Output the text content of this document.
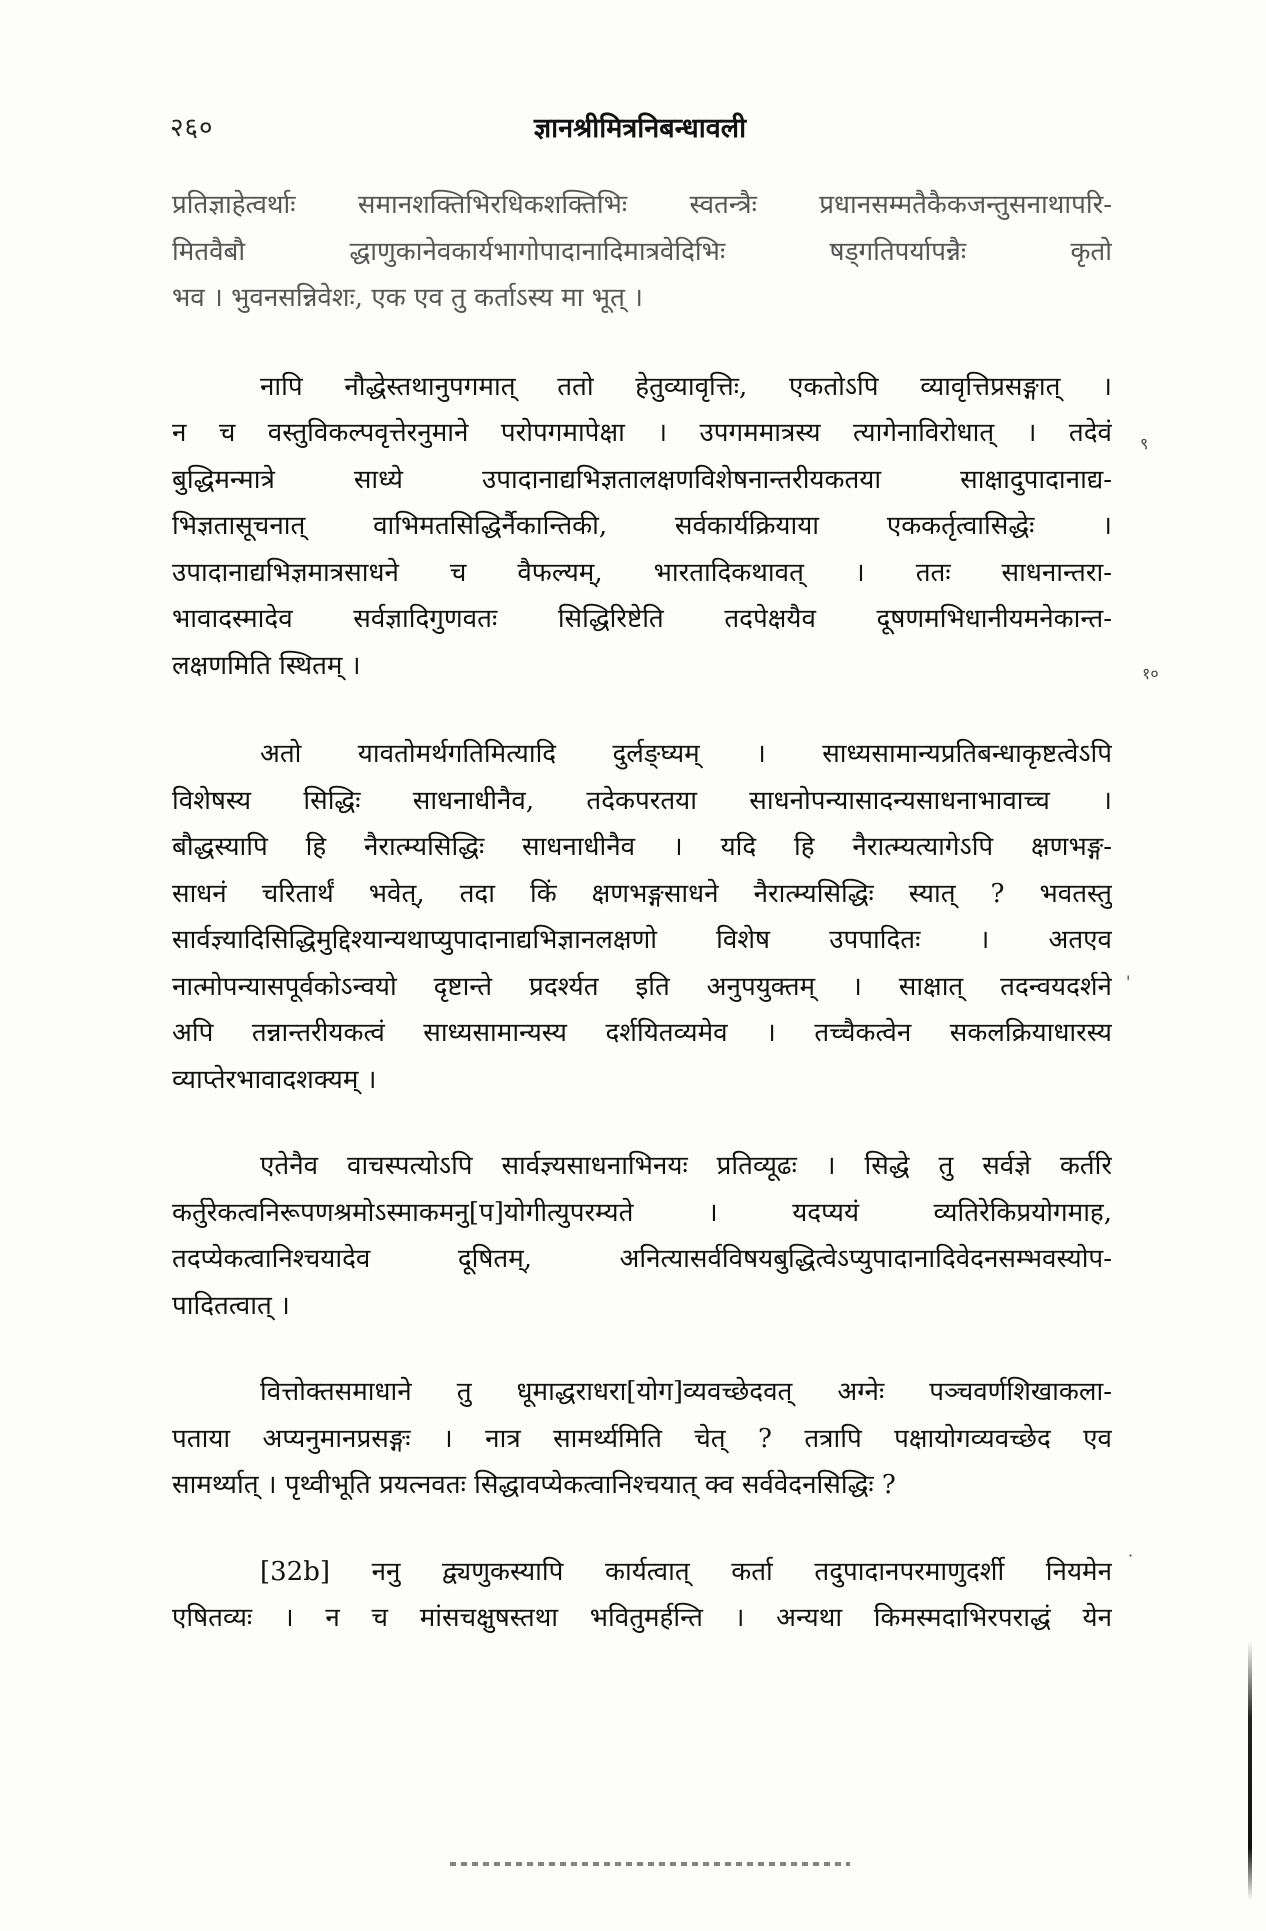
२६०	ज्ञानश्रीमित्रनिबन्धावली

प्रतिज्ञाहेत्वर्थाः समानशक्तिभिरधिकशक्तिभिः स्वतन्त्रैः प्रधानसम्मतैकैकजन्तुसनाथापरि-
मितवैबौ द्धाणुकानेवकार्यभागोपादानादिमात्रवेदिभिः षड्गतिपर्यापन्नैः कृतो
भव । भुवनसन्निवेशः, एक एव तु कर्ताऽस्य मा भूत् ।

नापि नौद्धेस्तथानुपगमात् ततो हेतुव्यावृत्तिः, एकतोऽपि व्यावृत्तिप्रसङ्गात् ।
न च वस्तुविकल्पवृत्तेरनुमाने परोपगमापेक्षा । उपगममात्रस्य त्यागेनाविरोधात् । तदेवं
बुद्धिमन्मात्रे साध्ये उपादानाद्यभिज्ञतालक्षणविशेषनान्तरीयकतया साक्षादुपादानाद्य-
भिज्ञतासूचनात् वाभिमतसिद्धिर्नैकान्तिकी, सर्वकार्यक्रियाया एककर्तृत्वासिद्धेः ।
उपादानाद्यभिज्ञमात्रसाधने च वैफल्यम्, भारतादिकथावत् । ततः साधनान्तरा-
भावादस्मादेव सर्वज्ञादिगुणवतः सिद्धिरिष्टेति तदपेक्षयैव दूषणमभिधानीयमनेकान्त-
लक्षणमिति स्थितम् ।

अतो यावतोमर्थगतिमित्यादि दुर्लङ्घ्यम् । साध्यसामान्यप्रतिबन्धाकृष्टत्वेऽपि
विशेषस्य सिद्धिः साधनाधीनैव, तदेकपरतया साधनोपन्यासादन्यसाधनाभावाच्च ।
बौद्धस्यापि हि नैरात्म्यसिद्धिः साधनाधीनैव । यदि हि नैरात्म्यत्यागेऽपि क्षणभङ्ग-
साधनं चरितार्थं भवेत्, तदा किं क्षणभङ्गसाधने नैरात्म्यसिद्धिः स्यात् ? भवतस्तु
सार्वज्ञ्यादिसिद्धिमुद्दिश्यान्यथाप्युपादानाद्यभिज्ञानलक्षणो विशेष उपपादितः । अतएव
नात्मोपन्यासपूर्वकोऽन्वयो दृष्टान्ते प्रदर्श्यत इति अनुपयुक्तम् । साक्षात् तदन्वयदर्शने
अपि तन्नान्तरीयकत्वं साध्यसामान्यस्य दर्शयितव्यमेव । तच्चैकत्वेन सकलक्रियाधारस्य
व्याप्तेरभावादशक्यम् ।

एतेनैव वाचस्पत्योऽपि सार्वज्ञ्यसाधनाभिनयः प्रतिव्यूढः । सिद्धे तु सर्वज्ञे कर्तरि
कर्तुरेकत्वनिरूपणश्रमोऽस्माकमनु[प]योगीत्युपरम्यते । यदप्ययं व्यतिरेकिप्रयोगमाह,
तदप्येकत्वानिश्चयादेव दूषितम्, अनित्यासर्वविषयबुद्धित्वेऽप्युपादानादिवेदनसम्भवस्योप-
पादितत्वात् ।

वित्तोक्तसमाधाने तु धूमाद्धराधरा[योग]व्यवच्छेदवत् अग्नेः पञ्चवर्णशिखाकला-
पताया अप्यनुमानप्रसङ्गः । नात्र सामर्थ्यमिति चेत् ? तत्रापि पक्षायोगव्यवच्छेद एव
सामर्थ्यात् । पृथ्वीभूति प्रयत्नवतः सिद्धावप्येकत्वानिश्चयात् क्व सर्ववेदनसिद्धिः ?

[32b] ननु द्व्यणुकस्यापि कार्यत्वात् कर्ता तदुपादानपरमाणुदर्शी नियमेन
एषितव्यः । न च मांसचक्षुषस्तथा भवितुमर्हन्ति । अन्यथा किमस्मदाभिरपराद्धं येन

९
१०
'
·
